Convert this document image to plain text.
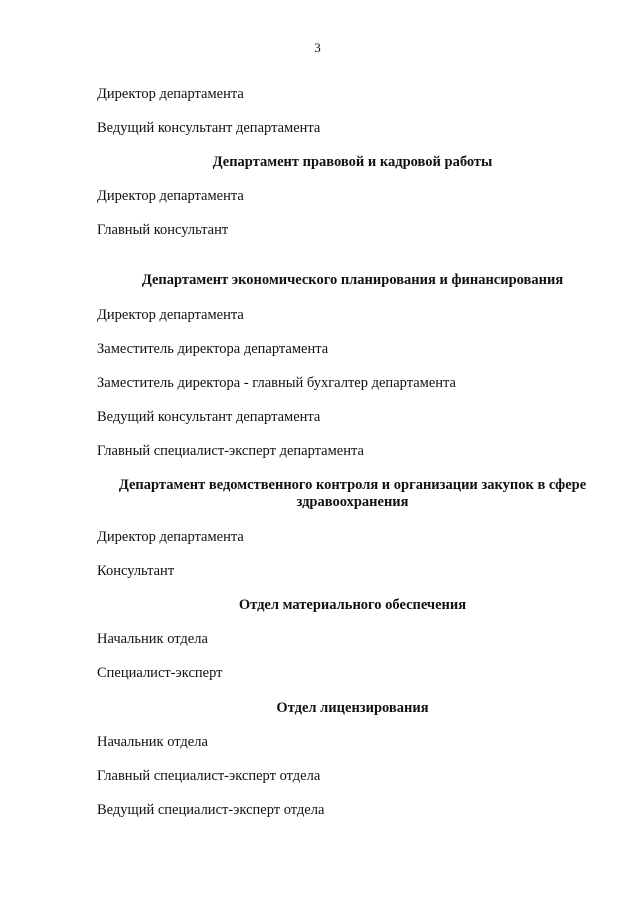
3
Директор департамента
Ведущий консультант департамента
Департамент правовой и кадровой работы
Директор департамента
Главный консультант
Департамент экономического планирования и финансирования
Директор департамента
Заместитель директора департамента
Заместитель директора - главный бухгалтер департамента
Ведущий консультант департамента
Главный специалист-эксперт департамента
Департамент ведомственного контроля и организации закупок в сфере
здравоохранения
Директор департамента
Консультант
Отдел материального обеспечения
Начальник отдела
Специалист-эксперт
Отдел лицензирования
Начальник отдела
Главный специалист-эксперт отдела
Ведущий специалист-эксперт отдела
